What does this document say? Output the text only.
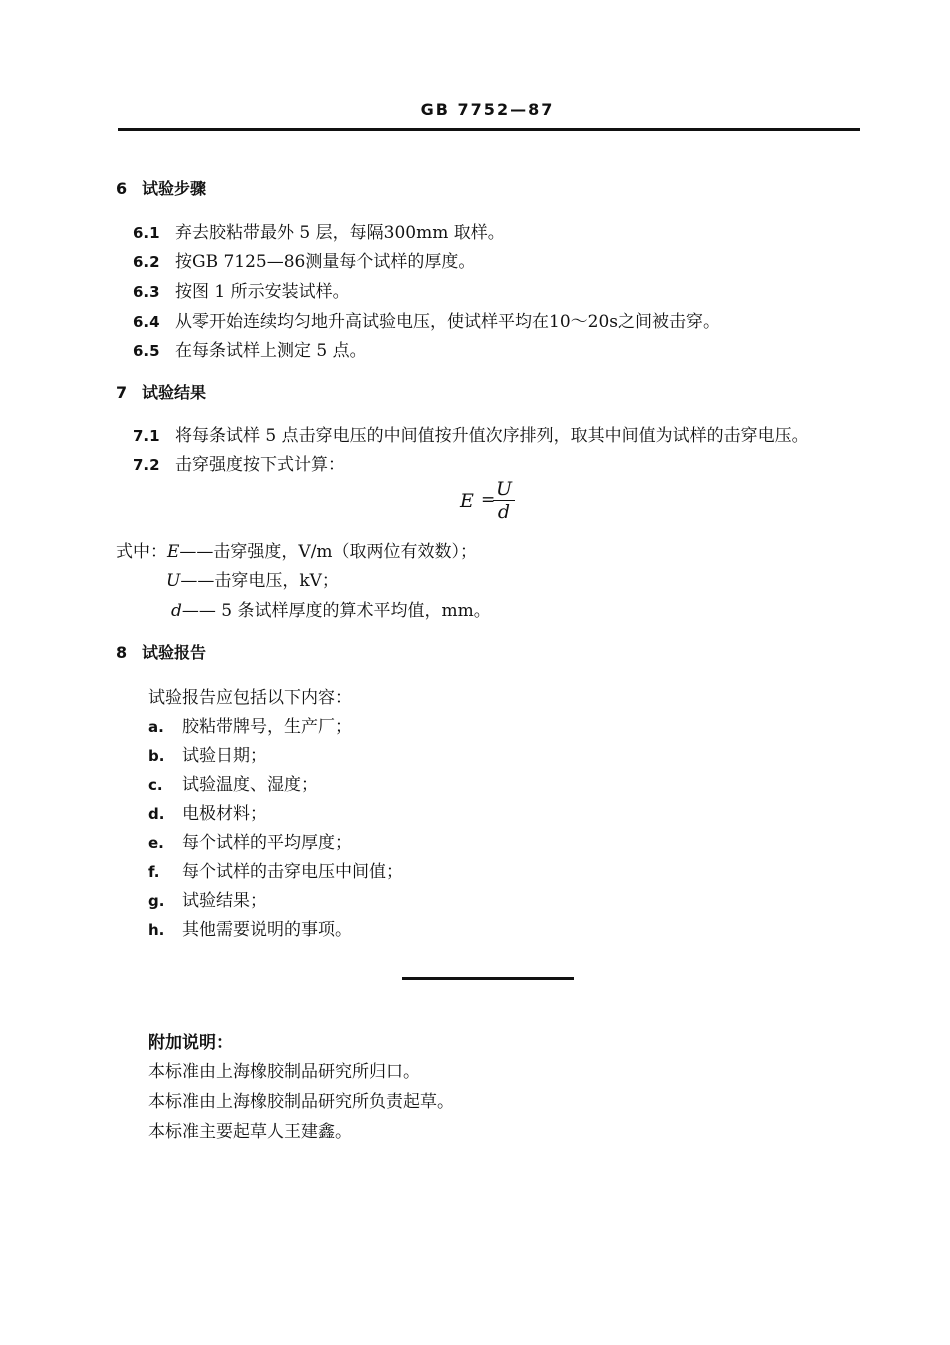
GB 7752—87
6 试验步骤
6.1 弃去胶粘带最外 5 层，每隔300mm 取样。
6.2 按GB 7125—86测量每个试样的厚度。
6.3 按图 1 所示安装试样。
6.4 从零开始连续均匀地升高试验电压，使试样平均在10～20s之间被击穿。
6.5 在每条试样上测定 5 点。
7 试验结果
7.1 将每条试样 5 点击穿电压的中间值按升值次序排列，取其中间值为试样的击穿电压。
7.2 击穿强度按下式计算：
E =
$\frac{U}{d}$
式中：E——击穿强度，V/m（取两位有效数）；
U——击穿电压，kV；
d—— 5 条试样厚度的算术平均值，mm。
8 试验报告
试验报告应包括以下内容：
a. 胶粘带牌号，生产厂；
b. 试验日期；
c. 试验温度、湿度；
d. 电极材料；
e. 每个试样的平均厚度；
f. 每个试样的击穿电压中间值；
g. 试验结果；
h. 其他需要说明的事项。
附加说明：
本标准由上海橡胶制品研究所归口。
本标准由上海橡胶制品研究所负责起草。
本标准主要起草人王建鑫。
